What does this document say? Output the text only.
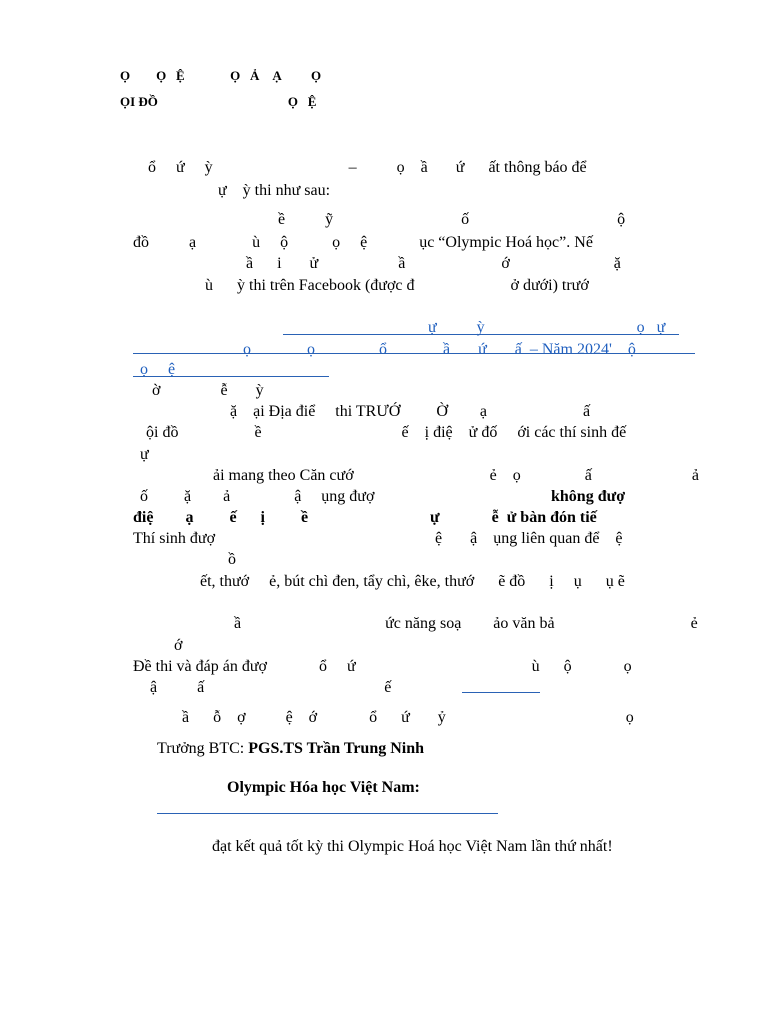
Ọ        Ọ   Ệ              Ọ   Ả    Ạ         Ọ

ỌI ĐỒ                                        Ọ   Ệ

ổ     ứ     ỳ                                  –          ọ    ầ       ứ      ất thông báo để

ự    ỳ thi như sau:

ề          ỹ                                ố                                     ộ

đồ          ạ              ù     ộ           ọ     ệ             ục “Olympic Hoá học”. Nế

ầ      i       ử                    ầ                        ớ                          ặ

ù      ỳ thi trên Facebook (được đ                        ở dưới) trướ

ự          ỳ                                      ọ   ự

ọ              ọ                ổ              ầ       ứ       ấ  – Năm 2024'    ộ

ọ     ệ

ờ               ễ       ỳ

ặ    ại Địa điể     thi TRƯỚ         Ờ        ạ                        ấ

ội đồ                   ề                                   ế    ị điệ    ử đố     ới các thí sinh đế

ự

ải mang theo Căn cướ                                  ẻ    ọ                ấ                         ả

ố         ặ        ả                ậ     ụng đượ	không đượ

điệ        ạ         ế      ị         ề	ự             ễ  ử bàn đón tiế

Thí sinh đượ                                                       ệ       ậ    ụng liên quan để    ệ

ồ

ết, thướ     ẻ, bút chì đen, tẩy chì, êke, thướ      ẽ đồ      ị     ụ      ụ ẽ

ầ                                    ức năng soạ        ảo văn bả                                  ẻ

ớ

Đề thi và đáp án đượ             ổ     ứ                                            ù      ộ             ọ

ậ          ấ                                             ế

ầ      ỗ    ợ          ệ    ớ             ổ      ứ       ỷ                                             ọ

Trưởng BTC: PGS.TS Trần Trung Ninh

Olympic Hóa học Việt Nam:

đạt kết quả tốt kỳ thi Olympic Hoá học Việt Nam lần thứ nhất!
